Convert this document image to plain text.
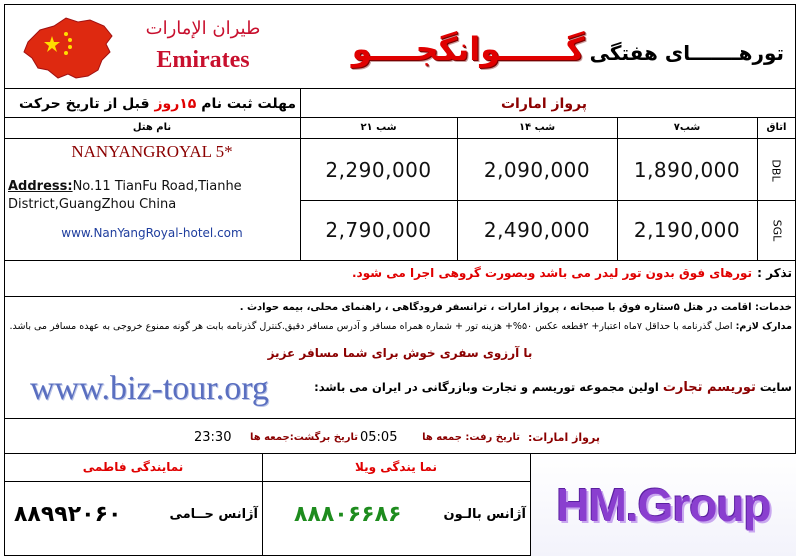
طيران الإمارات
Emirates	تورهـــــــای هفتگی گــــــوانگجــــو
مهلت ثبت نام ۱۵روز قبل از تاریخ حرکت	پرواز امارات
نام هتل	۲۱ شب	۱۴ شب	۷شب	اتاق
NANYANGROYAL 5*
Address:No.11 TianFu Road,Tianhe District,GuangZhou China
www.NanYangRoyal-hotel.com
2,290,000	2,090,000	1,890,000	DBL
2,790,000	2,490,000	2,190,000	SGL
تذکر : تورهای فوق بدون تور لیدر می باشد وبصورت گروهی اجرا می شود.
خدمات: اقامت در هتل ۵ستاره فوق با صبحانه ، پرواز امارات ، ترانسفر فرودگاهی ، راهنمای محلی، بیمه حوادث .
مدارک لازم: اصل گذرنامه با حداقل ۷ماه اعتبار+ ۲قطعه عکس ۵۰%+ هزینه تور + شماره همراه مسافر و آدرس مسافر دقیق.کنترل گذرنامه بابت هر گونه ممنوع خروجی به عهده مسافر می باشد.
با آرزوی سفری خوش برای شما مسافر عزیز
www.biz-tour.org	سایت توریسم تجارت اولین مجموعه توریسم و تجارت وبازرگانی در ایران می باشد:
پرواز امارات:
تاریخ رفت: جمعه ها
05:05
تاریخ برگشت:جمعه ها
23:30
نمایندگی فاطمی
۸۸۹۹۲۰۶۰	آژانس حــامی
نما یندگی ویلا
۸۸۸۰۶۶۸۶	آژانس بالـون HM.Group
